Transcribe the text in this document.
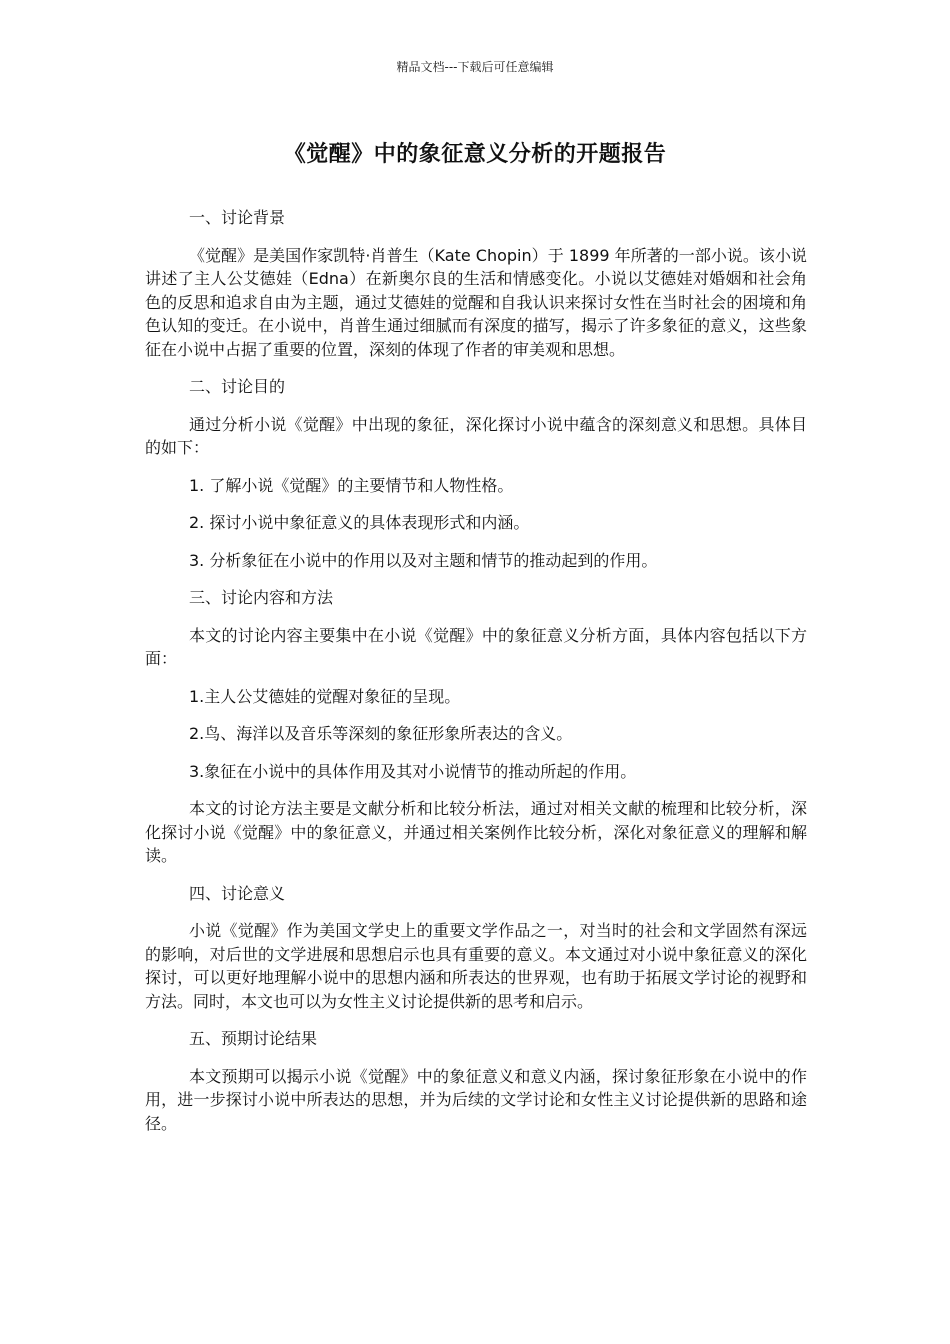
精品文档---下载后可任意编辑
《觉醒》中的象征意义分析的开题报告

一、讨论背景

《觉醒》是美国作家凯特·肖普生（Kate Chopin）于 1899 年所著的一部小说。该小说讲述了主人公艾德娃（Edna）在新奥尔良的生活和情感变化。小说以艾德娃对婚姻和社会角色的反思和追求自由为主题，通过艾德娃的觉醒和自我认识来探讨女性在当时社会的困境和角色认知的变迁。在小说中，肖普生通过细腻而有深度的描写，揭示了许多象征的意义，这些象征在小说中占据了重要的位置，深刻的体现了作者的审美观和思想。

二、讨论目的

通过分析小说《觉醒》中出现的象征，深化探讨小说中蕴含的深刻意义和思想。具体目的如下：

1. 了解小说《觉醒》的主要情节和人物性格。

2. 探讨小说中象征意义的具体表现形式和内涵。

3. 分析象征在小说中的作用以及对主题和情节的推动起到的作用。

三、讨论内容和方法

本文的讨论内容主要集中在小说《觉醒》中的象征意义分析方面，具体内容包括以下方面：

1.主人公艾德娃的觉醒对象征的呈现。

2.鸟、海洋以及音乐等深刻的象征形象所表达的含义。

3.象征在小说中的具体作用及其对小说情节的推动所起的作用。

本文的讨论方法主要是文献分析和比较分析法，通过对相关文献的梳理和比较分析，深化探讨小说《觉醒》中的象征意义，并通过相关案例作比较分析，深化对象征意义的理解和解读。

四、讨论意义

小说《觉醒》作为美国文学史上的重要文学作品之一，对当时的社会和文学固然有深远的影响，对后世的文学进展和思想启示也具有重要的意义。本文通过对小说中象征意义的深化探讨，可以更好地理解小说中的思想内涵和所表达的世界观，也有助于拓展文学讨论的视野和方法。同时，本文也可以为女性主义讨论提供新的思考和启示。

五、预期讨论结果

本文预期可以揭示小说《觉醒》中的象征意义和意义内涵，探讨象征形象在小说中的作用，进一步探讨小说中所表达的思想，并为后续的文学讨论和女性主义讨论提供新的思路和途径。
